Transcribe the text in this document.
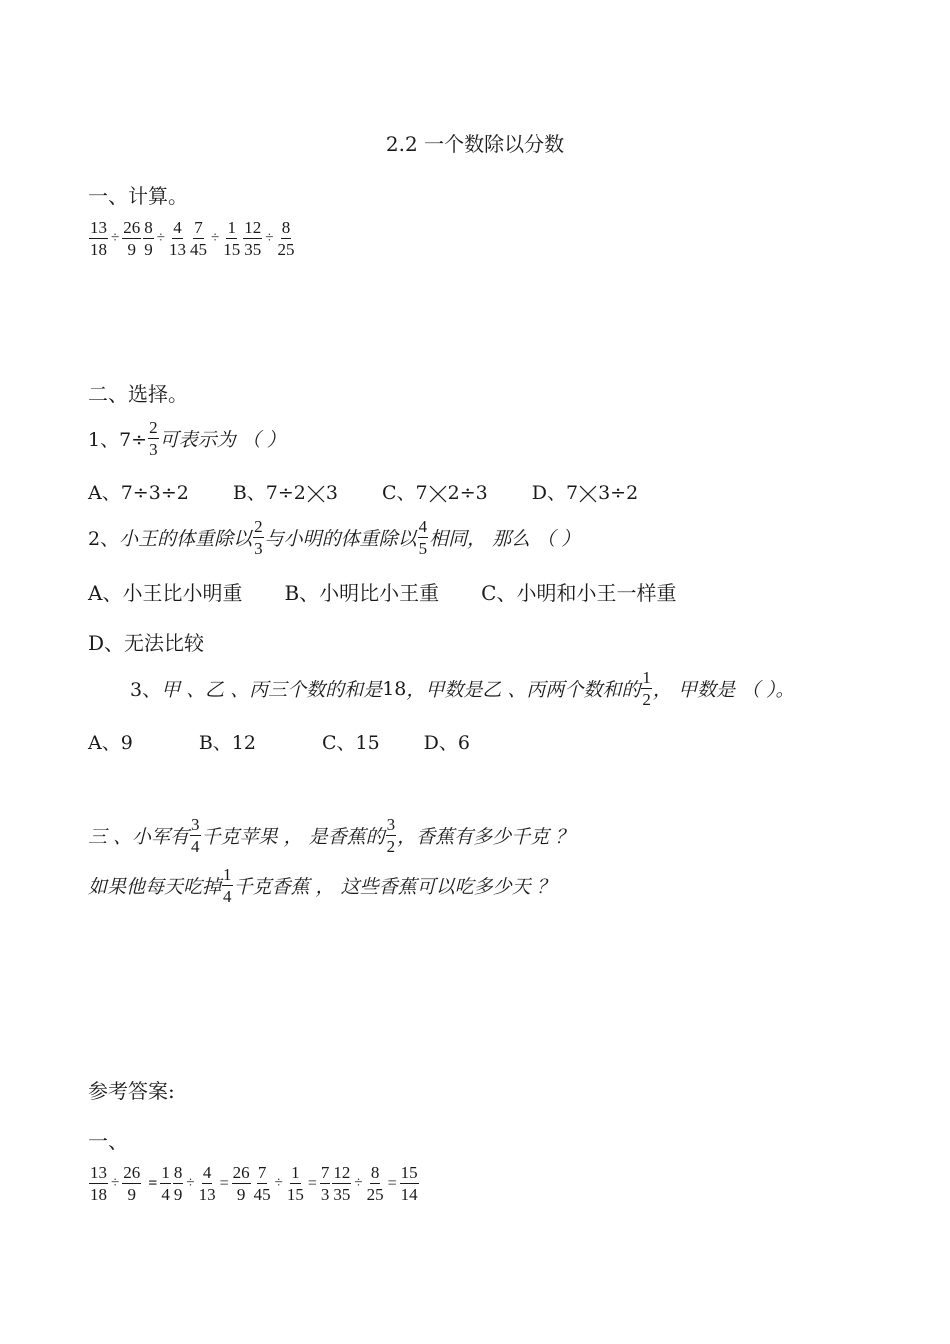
2.2 一个数除以分数
一、计算。
$\frac{13}{18} \div \frac{26}{9} \frac{8}{9} \div \frac{4}{13} \frac{7}{45} \div \frac{1}{15} \frac{12}{35} \div \frac{8}{25}$
二、选择。
1、$7\div \frac{2}{3}$ 可表示为 （ ）
A、7÷3÷2 B、7÷2 3 C、7 2÷3 D、7 3÷2
2、 小王的体重除以 $\frac{2}{3}$ 与小明的体重除以 $\frac{4}{5}$ 相同， 那么 （ ）
A、小王比小明重 B、小明比小王重 C、小明和小王一样重
D、无法比较
3、 甲 、乙 、丙三个数的和是 18 ，甲数是乙 、丙两个数和的 $\frac{1}{2}$ ， 甲数是 （ ）。
A、9	B、12	C、15 D、6
三 、小军有 $\frac{3}{4}$ 千克苹果 ， 是香蕉的 $\frac{3}{2}$ ，香蕉有多少千克 ？
如果他每天吃掉 $\frac{1}{4}$ 千克香蕉 ， 这些香蕉可以吃多少天 ？
参考答案:
一、
$\frac{13}{18} \div \frac{26}{9} = \frac{1}{4} \frac{8}{9} \div \frac{4}{13} = \frac{26}{9} \frac{7}{45} \div \frac{1}{15} = \frac{7}{3} \frac{12}{35} \div \frac{8}{25} = \frac{15}{14}$
